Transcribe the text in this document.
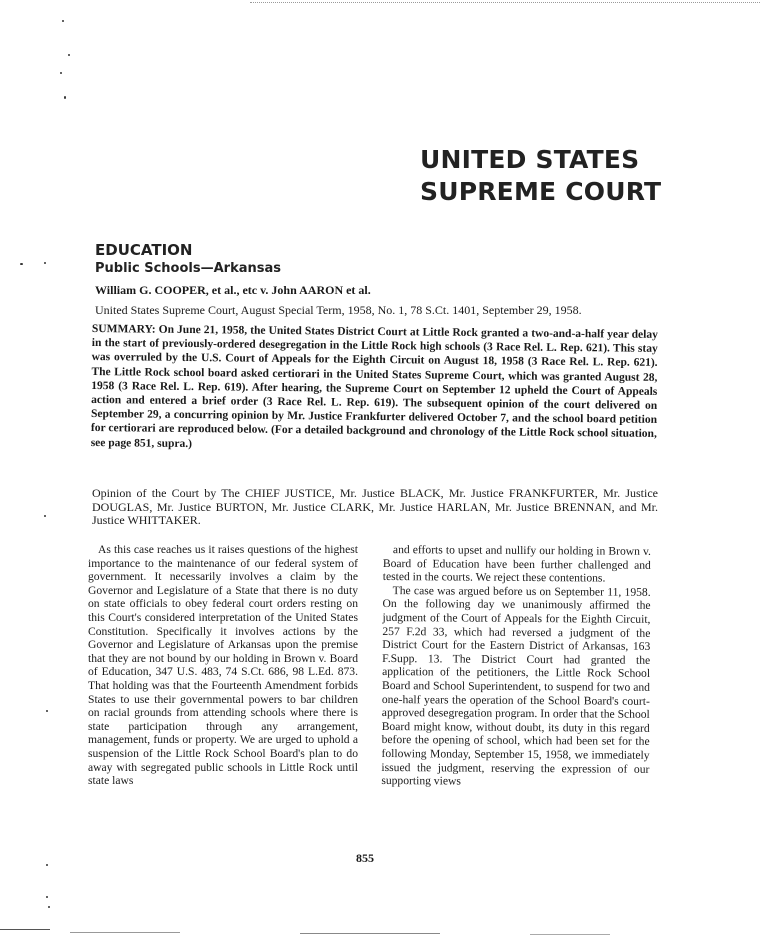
UNITED STATES
SUPREME COURT
EDUCATION
Public Schools—Arkansas
William G. COOPER, et al., etc v. John AARON et al.
United States Supreme Court, August Special Term, 1958, No. 1, 78 S.Ct. 1401, September 29, 1958.
SUMMARY: On June 21, 1958, the United States District Court at Little Rock granted a two-and-a-half year delay in the start of previously-ordered desegregation in the Little Rock high schools (3 Race Rel. L. Rep. 621). This stay was overruled by the U.S. Court of Appeals for the Eighth Circuit on August 18, 1958 (3 Race Rel. L. Rep. 621). The Little Rock school board asked certiorari in the United States Supreme Court, which was granted August 28, 1958 (3 Race Rel. L. Rep. 619). After hearing, the Supreme Court on September 12 upheld the Court of Appeals action and entered a brief order (3 Race Rel. L. Rep. 619). The subsequent opinion of the court delivered on September 29, a concurring opinion by Mr. Justice Frankfurter delivered October 7, and the school board petition for certiorari are reproduced below. (For a detailed background and chronology of the Little Rock school situation, see page 851, supra.)
Opinion of the Court by The CHIEF JUSTICE, Mr. Justice BLACK, Mr. Justice FRANKFURTER, Mr. Justice DOUGLAS, Mr. Justice BURTON, Mr. Justice CLARK, Mr. Justice HARLAN, Mr. Justice BRENNAN, and Mr. Justice WHITTAKER.

As this case reaches us it raises questions of the highest importance to the maintenance of our federal system of government. It necessarily involves a claim by the Governor and Legislature of a State that there is no duty on state officials to obey federal court orders resting on this Court's considered interpretation of the United States Constitution. Specifically it involves actions by the Governor and Legislature of Arkansas upon the premise that they are not bound by our holding in Brown v. Board of Education, 347 U.S. 483, 74 S.Ct. 686, 98 L.Ed. 873. That holding was that the Fourteenth Amendment forbids States to use their governmental powers to bar children on racial grounds from attending schools where there is state participation through any arrangement, management, funds or property. We are urged to uphold a suspension of the Little Rock School Board's plan to do away with segregated public schools in Little Rock until state laws

and efforts to upset and nullify our holding in Brown v. Board of Education have been further challenged and tested in the courts. We reject these contentions.

The case was argued before us on September 11, 1958. On the following day we unanimously affirmed the judgment of the Court of Appeals for the Eighth Circuit, 257 F.2d 33, which had reversed a judgment of the District Court for the Eastern District of Arkansas, 163 F.Supp. 13. The District Court had granted the application of the petitioners, the Little Rock School Board and School Superintendent, to suspend for two and one-half years the operation of the School Board's court-approved desegregation program. In order that the School Board might know, without doubt, its duty in this regard before the opening of school, which had been set for the following Monday, September 15, 1958, we immediately issued the judgment, reserving the expression of our supporting views

855
